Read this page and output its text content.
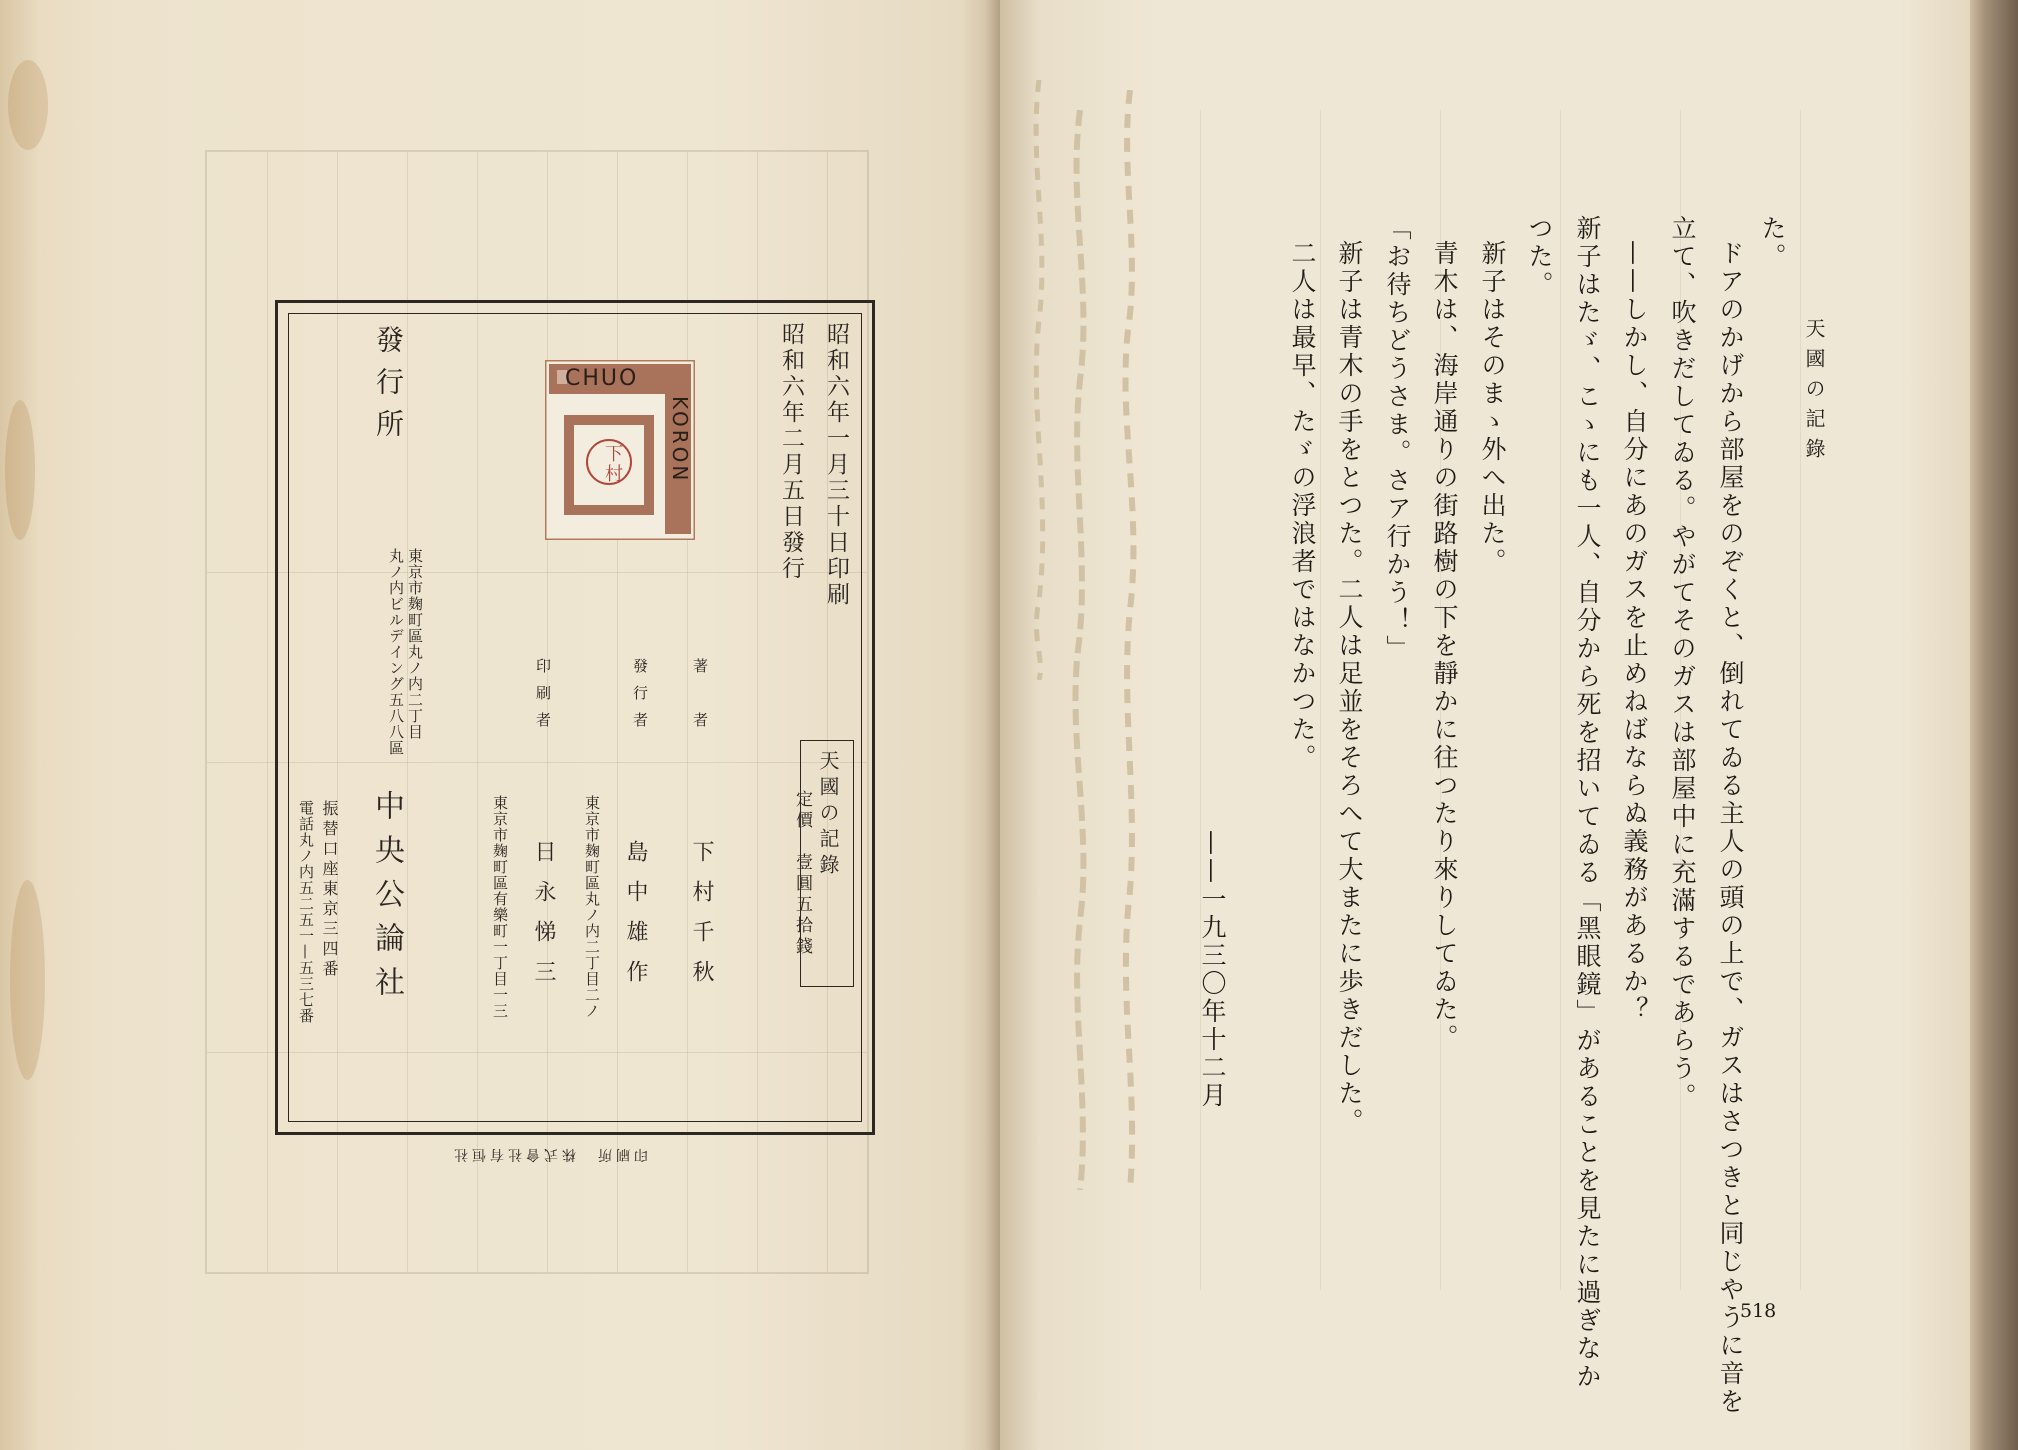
昭和六年一月三十日印刷
昭和六年二月五日發行
CHUO
KORON
下村
天國の記錄
定價　壹圓五拾錢
著　者
下村千秋
發行者
東京市麹町區丸ノ内二丁目二ノ 島中雄作
印刷者
東京市麹町區有樂町一丁目一三 日永悌三
發行所
東京市麹町區丸ノ内二丁目
丸ノ内ビルデイング五八八區
中央公論社
振替口座東京三四番
電話丸ノ内五二五一—五三七番
印刷所　株式會社有恒社
天國の記錄
た。
ドアのかげから部屋をのぞくと、倒れてゐる主人の頭の上で、ガスはさつきと同じやうに音を
立て、吹きだしてゐる。やがてそのガスは部屋中に充滿するであらう。
——しかし、自分にあのガスを止めねばならぬ義務があるか？
新子はたゞ、こゝにも一人、自分から死を招いてゐる「黑眼鏡」があることを見たに過ぎなか
つた。
新子はそのまゝ外へ出た。
青木は、海岸通りの街路樹の下を靜かに往つたり來りしてゐた。
「お待ちどうさま。さア行かう！」
新子は青木の手をとつた。二人は足並をそろへて大またに歩きだした。
二人は最早、たゞの浮浪者ではなかつた。
——一九三〇年十二月
518
